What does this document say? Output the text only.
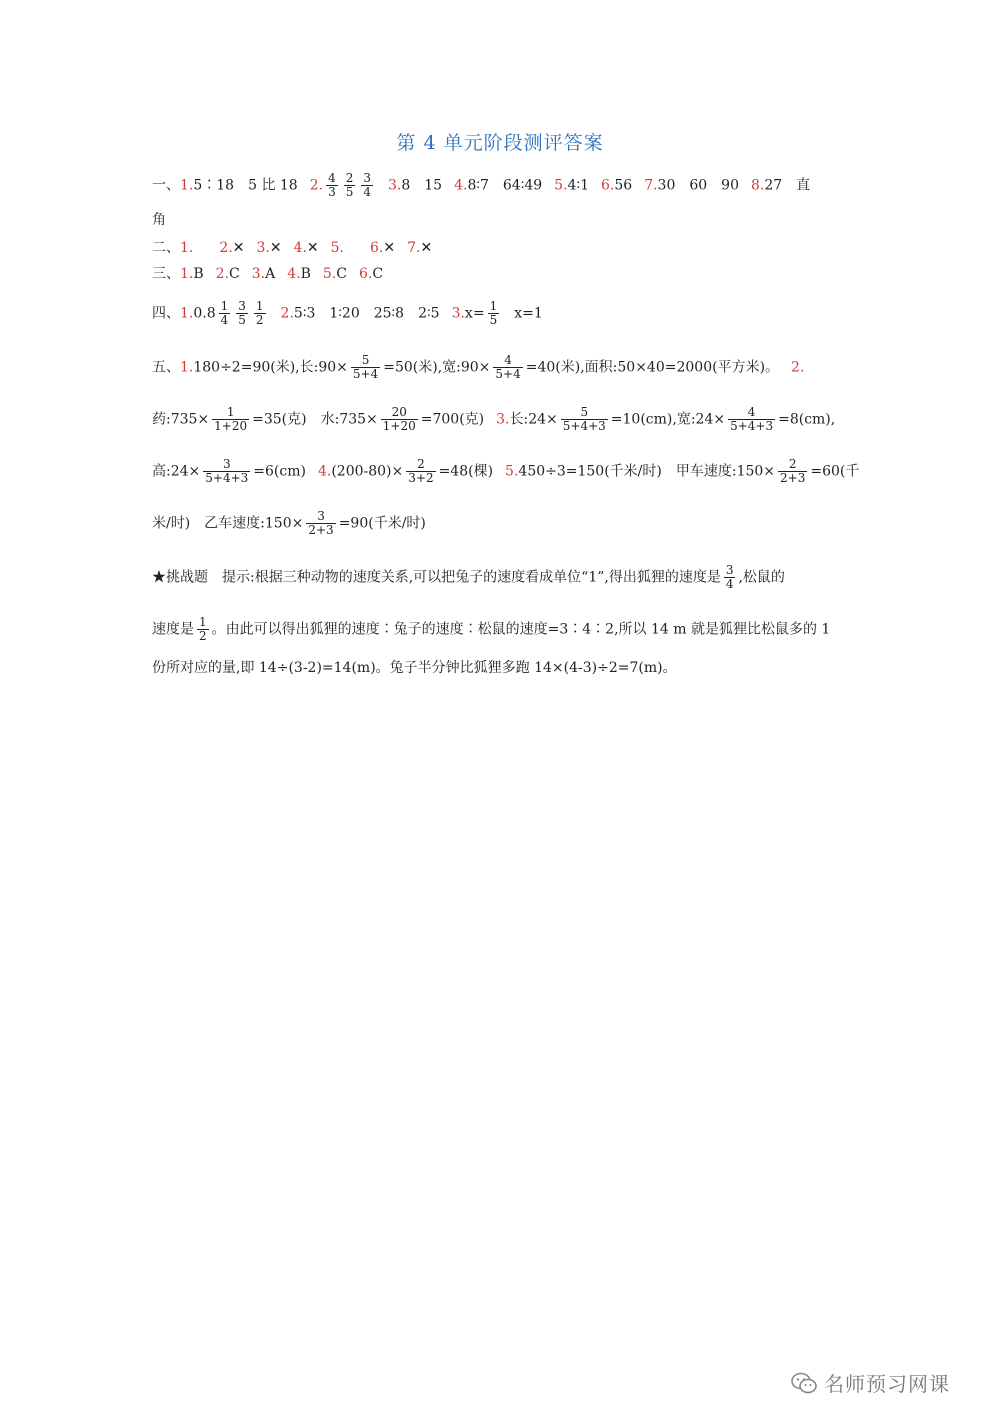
第 4 单元阶段测评答案
一、1.5∶18　5 比 18 2. $\frac{4}{3} \frac{2}{5} \frac{3}{4} 3.8$　15 4.8∶7　64∶49 5.4∶1 6.56 7.30　60　90 8.27　直
角
二、1.　 2.✕ 3.✕ 4.✕ 5.　 6.✕ 7.✕
三、1.B 2.C 3.A 4.B 5.C 6.C
四、$1.0.8 \frac{1}{4} \frac{3}{5} \frac{1}{2}$ 2.5∶3　1∶20　25∶8　2∶5 $3.x= \frac{1}{5} x=1$
五、1.180÷2=90(米),长:90× $\frac{5}{5+4} =50$(米),宽:90× $\frac{4}{5+4} =40$(米),面积:50×40=2000(平方米)。 2.
药:735× $\frac{1}{1+20} =35$(克)　水:735× $\frac{20}{1+20} =700$(克) 3.长:24× $\frac{5}{5+4+3} =10(cm)$,宽:24× $\frac{4}{5+4+3} =8(cm)$,
高:24× $\frac{3}{5+4+3} =6(cm)$ $4.(200-80)\times \frac{2}{3+2} =48$(棵) 5.450÷3=150(千米/时)　甲车速度:150× $\frac{2}{2+3} =60$(千
米/时)　乙车速度:150× $\frac{3}{2+3} =90$(千米/时)
★挑战题　提示:根据三种动物的速度关系,可以把兔子的速度看成单位“1”,得出狐狸的速度是 $\frac{3}{4}$ ,松鼠的
速度是 $\frac{1}{2}$ 。由此可以得出狐狸的速度∶兔子的速度∶松鼠的速度=3∶4∶2,所以 14 m 就是狐狸比松鼠多的 1
份所对应的量,即 14÷(3-2)=14(m)。兔子半分钟比狐狸多跑 14×(4-3)÷2=7(m)。
名师预习网课
